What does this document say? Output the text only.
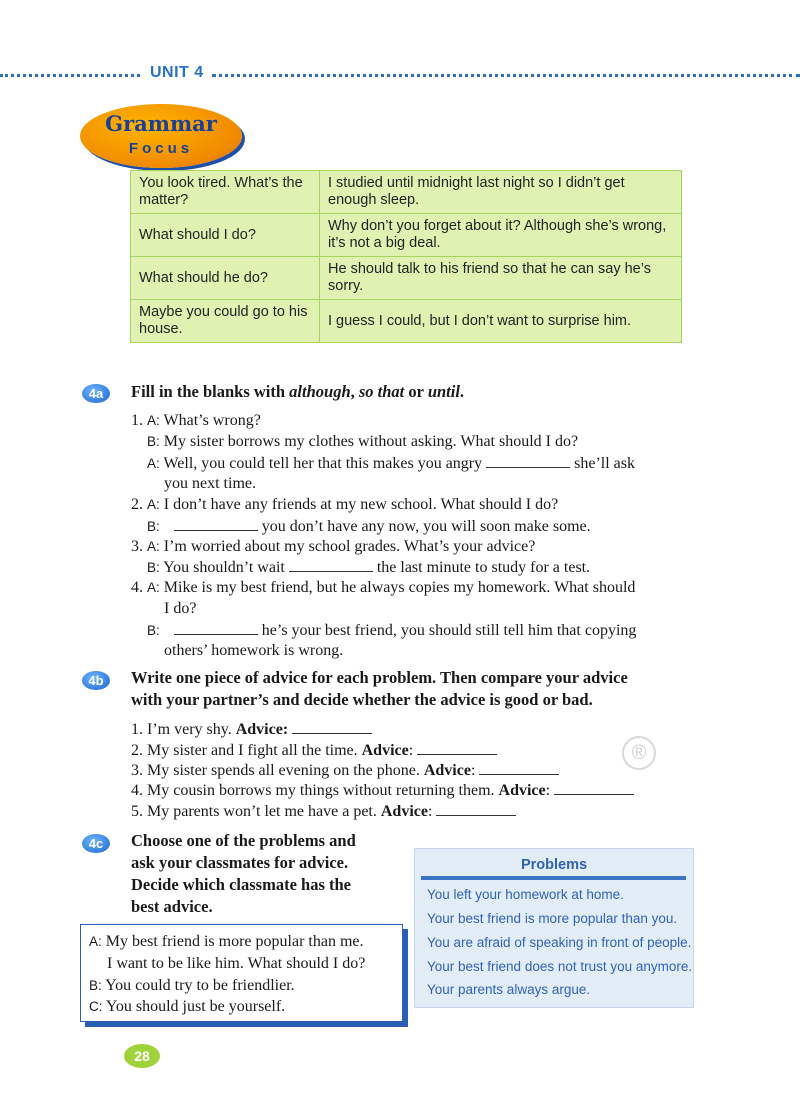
UNIT 4
Grammar
Focus
You look tired. What’s the matter?	I studied until midnight last night so I didn’t get enough sleep.
What should I do?	Why don’t you forget about it? Although she’s wrong, it’s not a big deal.
What should he do?	He should talk to his friend so that he can say he’s sorry.
Maybe you could go to his house.	I guess I could, but I don’t want to surprise him.
4a	Fill in the blanks with although, so that or until.
1. A: What’s wrong?
B: My sister borrows my clothes without asking. What should I do?
A: Well, you could tell her that this makes you angry	she’ll ask
you next time.
2. A: I don’t have any friends at my new school. What should I do?
B:	you don’t have any now, you will soon make some.
3. A: I’m worried about my school grades. What’s your advice?
B: You shouldn’t wait	the last minute to study for a test.
4. A: Mike is my best friend, but he always copies my homework. What should
I do?
B:	he’s your best friend, you should still tell him that copying
others’ homework is wrong.
4b	Write one piece of advice for each problem. Then compare your advice
with your partner’s and decide whether the advice is good or bad.
1. I’m very shy. Advice:
2. My sister and I fight all the time. Advice:
3. My sister spends all evening on the phone. Advice:
4. My cousin borrows my things without returning them. Advice:
5. My parents won’t let me have a pet. Advice:
®
4c	Choose one of the problems and
ask your classmates for advice.
Decide which classmate has the
best advice.
A: My best friend is more popular than me.
I want to be like him. What should I do?
B: You could try to be friendlier.
C: You should just be yourself.
Problems
You left your homework at home.
Your best friend is more popular than you.
You are afraid of speaking in front of people.
Your best friend does not trust you anymore.
Your parents always argue.
28
